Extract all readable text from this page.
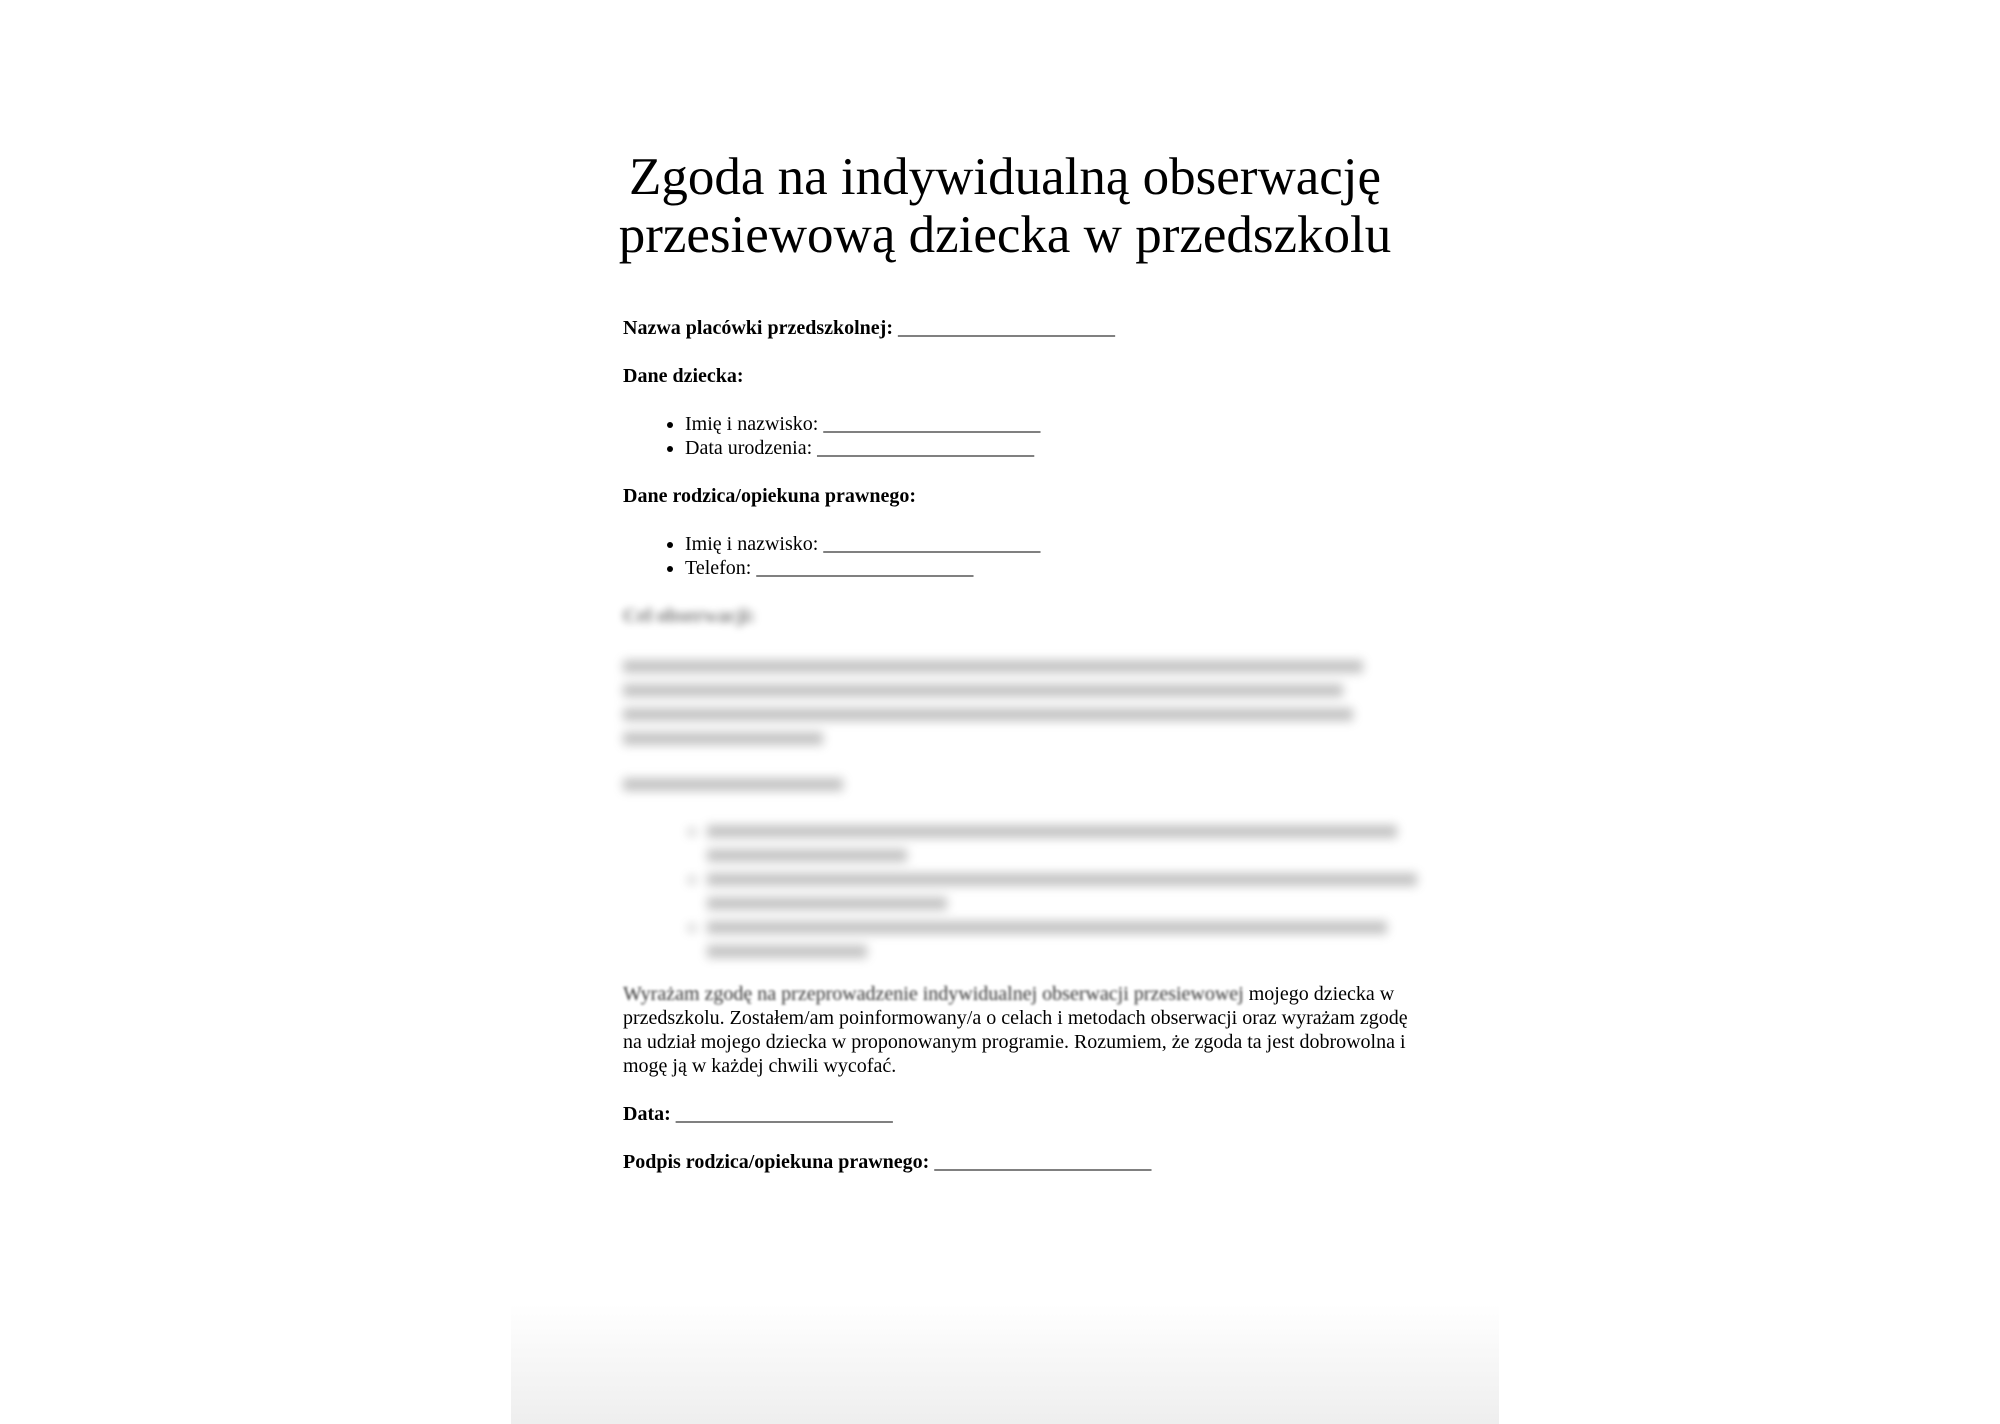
Zgoda na indywidualną obserwację
przesiewową dziecka w przedszkolu
Nazwa placówki przedszkolnej: ________________________
Dane dziecka:
• Imię i nazwisko: ________________________
• Data urodzenia: ________________________
Dane rodzica/opiekuna prawnego:
• Imię i nazwisko: ________________________
• Telefon: ________________________
Cel obserwacji:
Wyrażam zgodę na przeprowadzenie indywidualnej obserwacji przesiewowej mojego dziecka w przedszkolu. Zostałem/am poinformowany/a o celach i metodach obserwacji oraz wyrażam zgodę na udział mojego dziecka w proponowanym programie. Rozumiem, że zgoda ta jest dobrowolna i mogę ją w każdej chwili wycofać.
Data: ________________________
Podpis rodzica/opiekuna prawnego: ________________________
